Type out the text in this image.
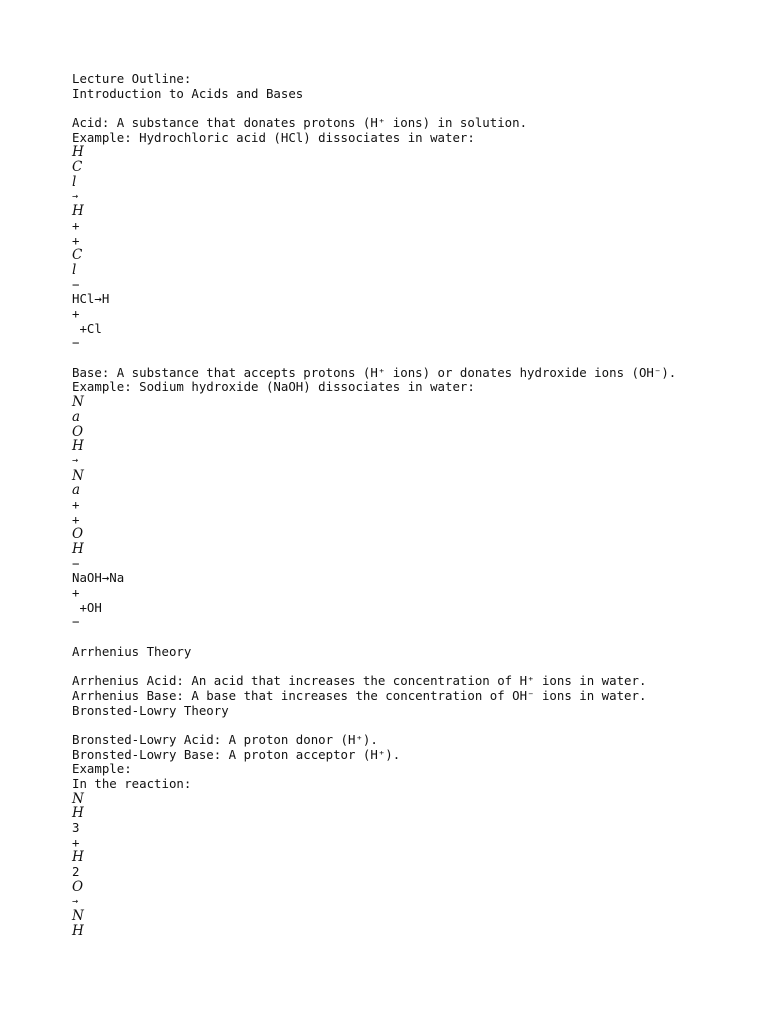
Lecture Outline:
Introduction to Acids and Bases
Acid: A substance that donates protons (H⁺ ions) in solution.
Example: Hydrochloric acid (HCl) dissociates in water:
H
C
l
→
H
+
+
C
l
−
HCl→H
+
+Cl
−
Base: A substance that accepts protons (H⁺ ions) or donates hydroxide ions (OH⁻).
Example: Sodium hydroxide (NaOH) dissociates in water:
N
a
O
H
→
N
a
+
+
O
H
−
NaOH→Na
+
+OH
−
Arrhenius Theory
Arrhenius Acid: An acid that increases the concentration of H⁺ ions in water.
Arrhenius Base: A base that increases the concentration of OH⁻ ions in water.
Bronsted-Lowry Theory
Bronsted-Lowry Acid: A proton donor (H⁺).
Bronsted-Lowry Base: A proton acceptor (H⁺).
Example:
In the reaction:
N
H
3
+
H
2
O
→
N
H
